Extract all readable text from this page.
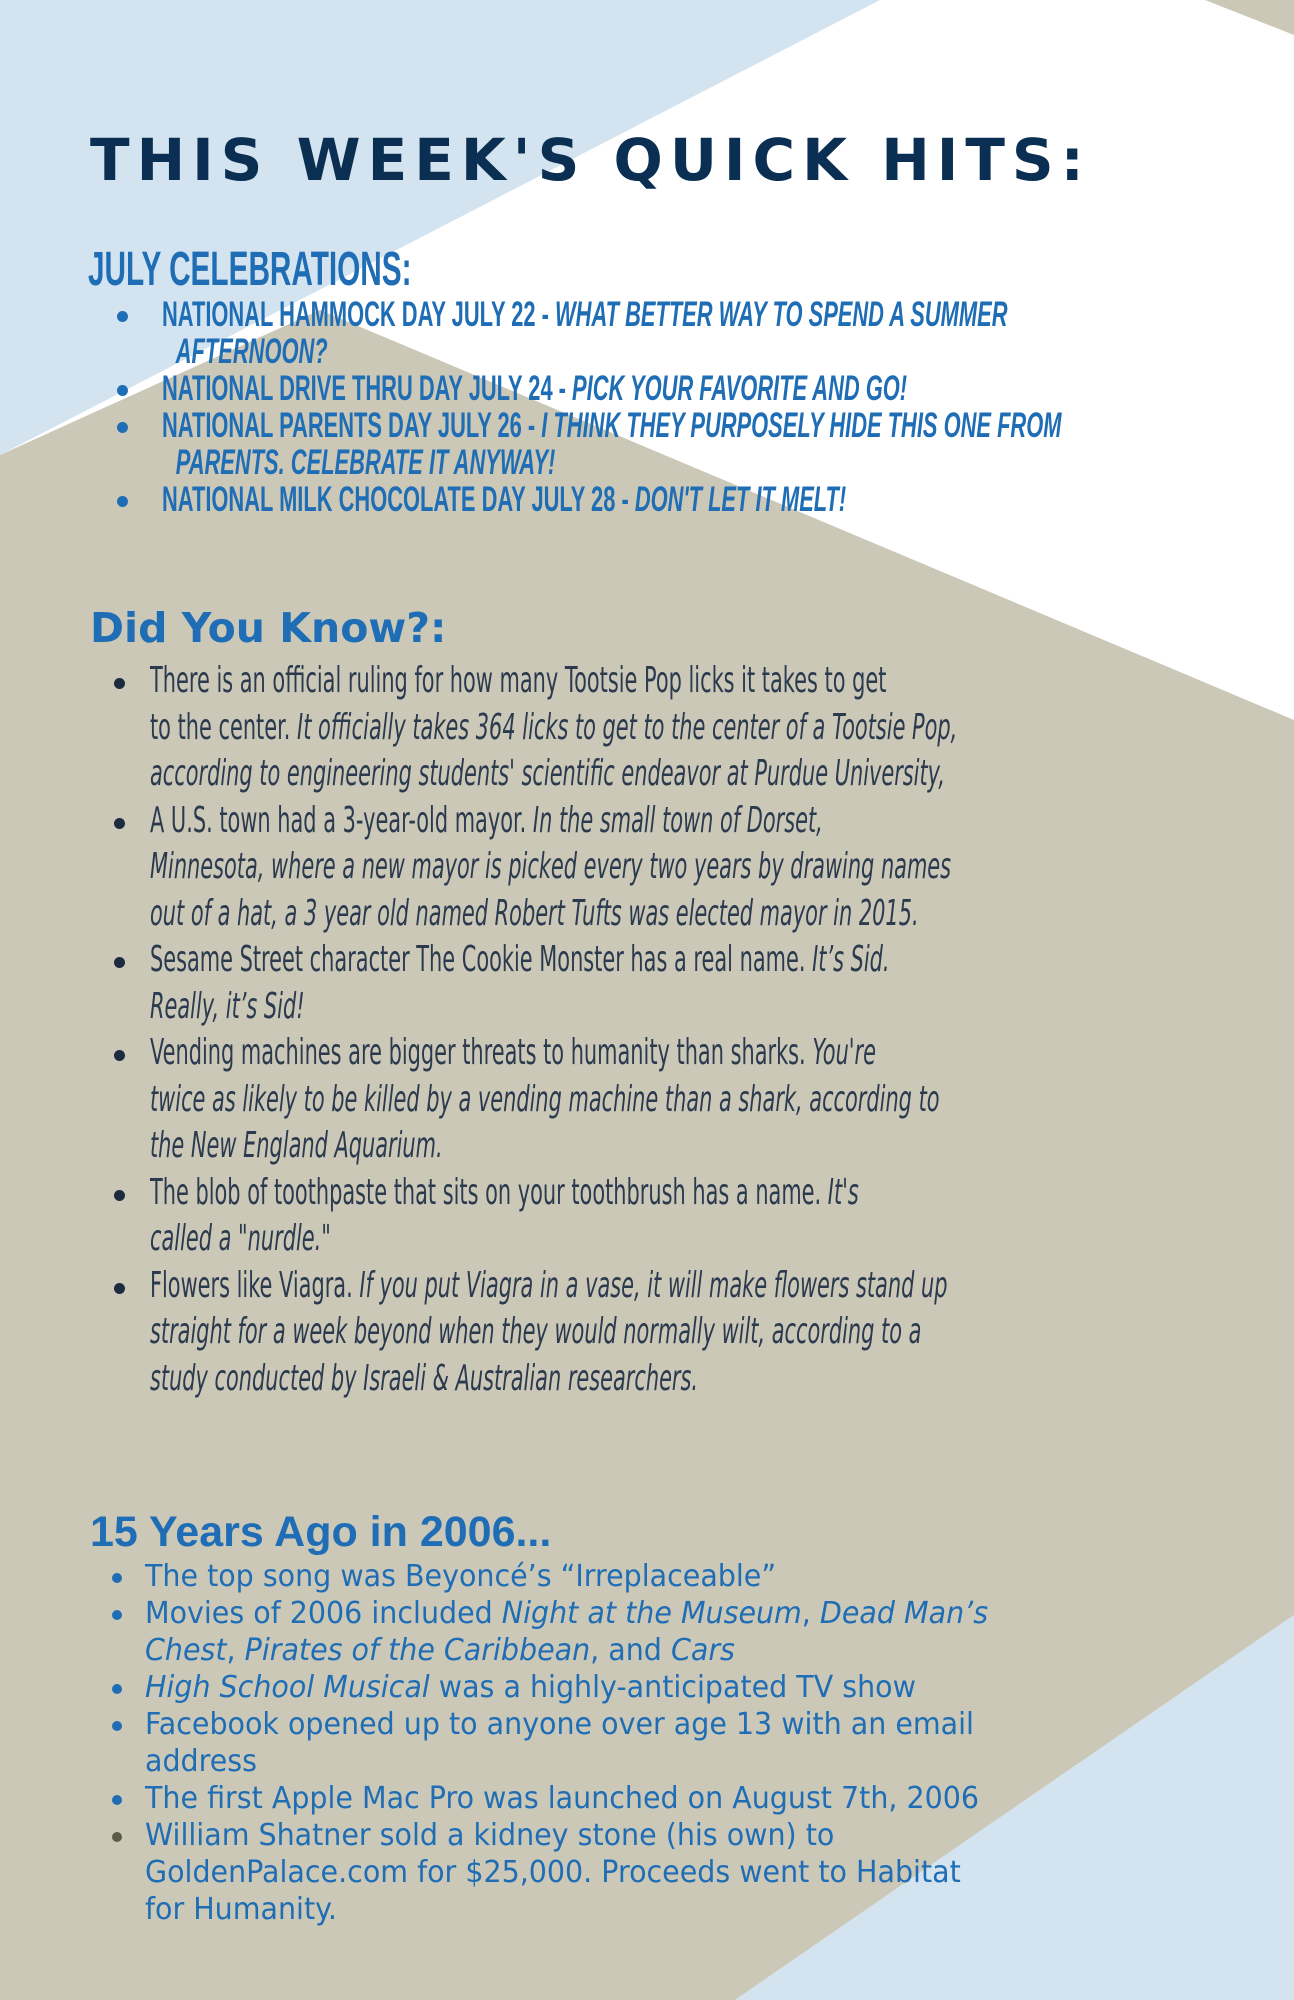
THIS WEEK'S QUICK HITS:
JULY CELEBRATIONS:
NATIONAL HAMMOCK DAY JULY 22 - WHAT BETTER WAY TO SPEND A SUMMER
AFTERNOON?
NATIONAL DRIVE THRU DAY JULY 24 - PICK YOUR FAVORITE AND GO!
NATIONAL PARENTS DAY JULY 26 - I THINK THEY PURPOSELY HIDE THIS ONE FROM
PARENTS. CELEBRATE IT ANYWAY!
NATIONAL MILK CHOCOLATE DAY JULY 28 - DON'T LET IT MELT!
Did You Know?:
There is an official ruling for how many Tootsie Pop licks it takes to get
to the center. It officially takes 364 licks to get to the center of a Tootsie Pop,
according to engineering students' scientific endeavor at Purdue University,
A U.S. town had a 3-year-old mayor. In the small town of Dorset,
Minnesota, where a new mayor is picked every two years by drawing names
out of a hat, a 3 year old named Robert Tufts was elected mayor in 2015.
Sesame Street character The Cookie Monster has a real name. It’s Sid.
Really, it’s Sid!
Vending machines are bigger threats to humanity than sharks. You're
twice as likely to be killed by a vending machine than a shark, according to
the New England Aquarium.
The blob of toothpaste that sits on your toothbrush has a name. It's
called a "nurdle."
Flowers like Viagra. If you put Viagra in a vase, it will make flowers stand up
straight for a week beyond when they would normally wilt, according to a
study conducted by Israeli & Australian researchers.
15 Years Ago in 2006...
The top song was Beyoncé’s “Irreplaceable”
Movies of 2006 included Night at the Museum, Dead Man’s
Chest, Pirates of the Caribbean, and Cars
High School Musical was a highly-anticipated TV show
Facebook opened up to anyone over age 13 with an email
address
The first Apple Mac Pro was launched on August 7th, 2006
William Shatner sold a kidney stone (his own) to
GoldenPalace.com for $25,000. Proceeds went to Habitat
for Humanity.
